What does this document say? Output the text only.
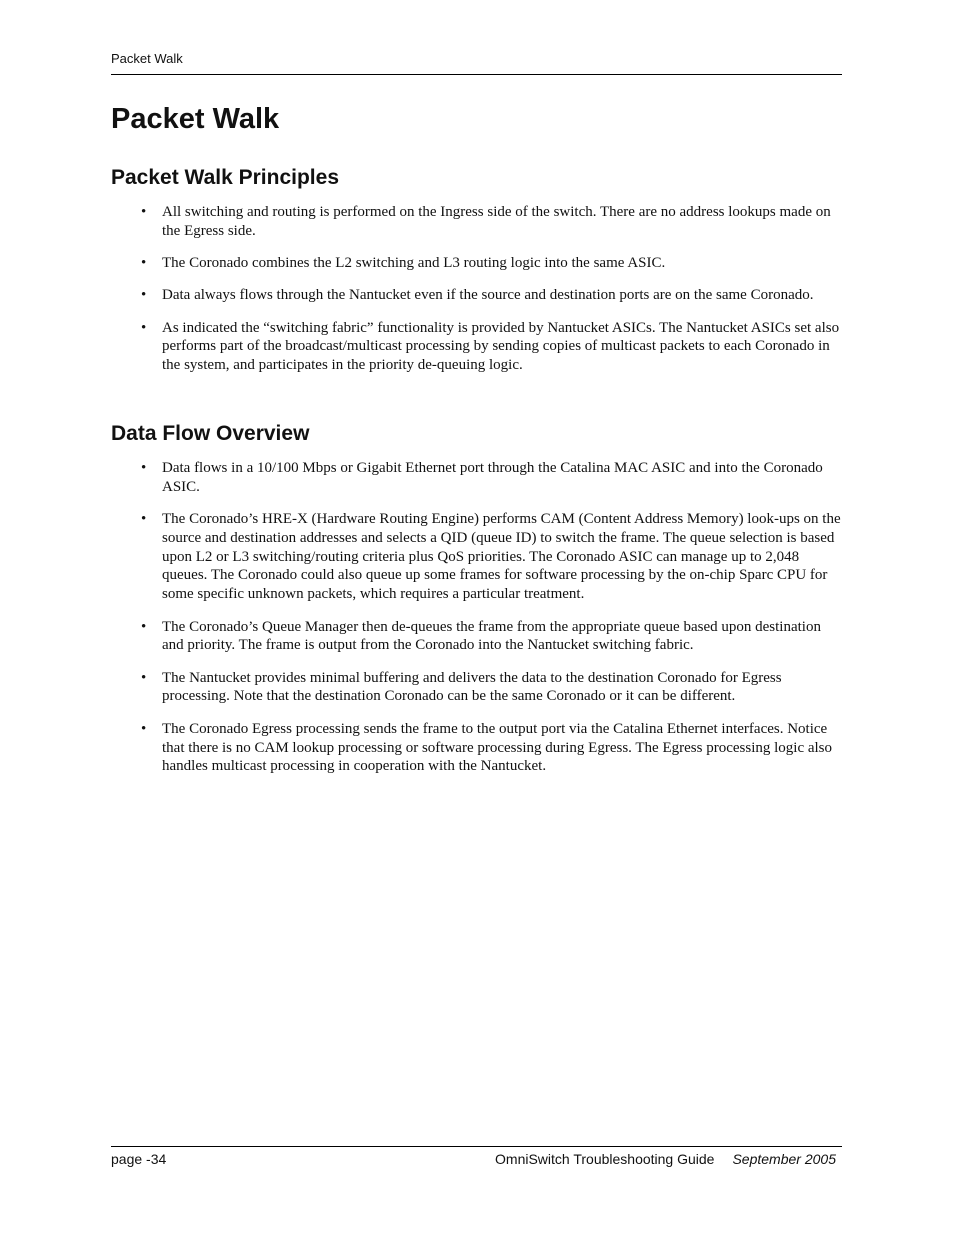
Packet Walk
Packet Walk
Packet Walk Principles
• All switching and routing is performed on the Ingress side of the switch. There are no address lookups made on the Egress side.
• The Coronado combines the L2 switching and L3 routing logic into the same ASIC.
• Data always flows through the Nantucket even if the source and destination ports are on the same Coronado.
• As indicated the “switching fabric” functionality is provided by Nantucket ASICs. The Nantucket ASICs set also performs part of the broadcast/multicast processing by sending copies of multicast packets to each Coronado in the system, and participates in the priority de-queuing logic.
Data Flow Overview
• Data flows in a 10/100 Mbps or Gigabit Ethernet port through the Catalina MAC ASIC and into the Coronado ASIC.
• The Coronado’s HRE-X (Hardware Routing Engine) performs CAM (Content Address Memory) look-ups on the source and destination addresses and selects a QID (queue ID) to switch the frame. The queue selection is based upon L2 or L3 switching/routing criteria plus QoS priorities. The Coronado ASIC can manage up to 2,048 queues. The Coronado could also queue up some frames for software processing by the on-chip Sparc CPU for some specific unknown packets, which requires a particular treatment.
• The Coronado’s Queue Manager then de-queues the frame from the appropriate queue based upon destination and priority. The frame is output from the Coronado into the Nantucket switching fabric.
• The Nantucket provides minimal buffering and delivers the data to the destination Coronado for Egress processing. Note that the destination Coronado can be the same Coronado or it can be different.
• The Coronado Egress processing sends the frame to the output port via the Catalina Ethernet interfaces. Notice that there is no CAM lookup processing or software processing during Egress. The Egress processing logic also handles multicast processing in cooperation with the Nantucket.
page -34	OmniSwitch Troubleshooting Guide September 2005
